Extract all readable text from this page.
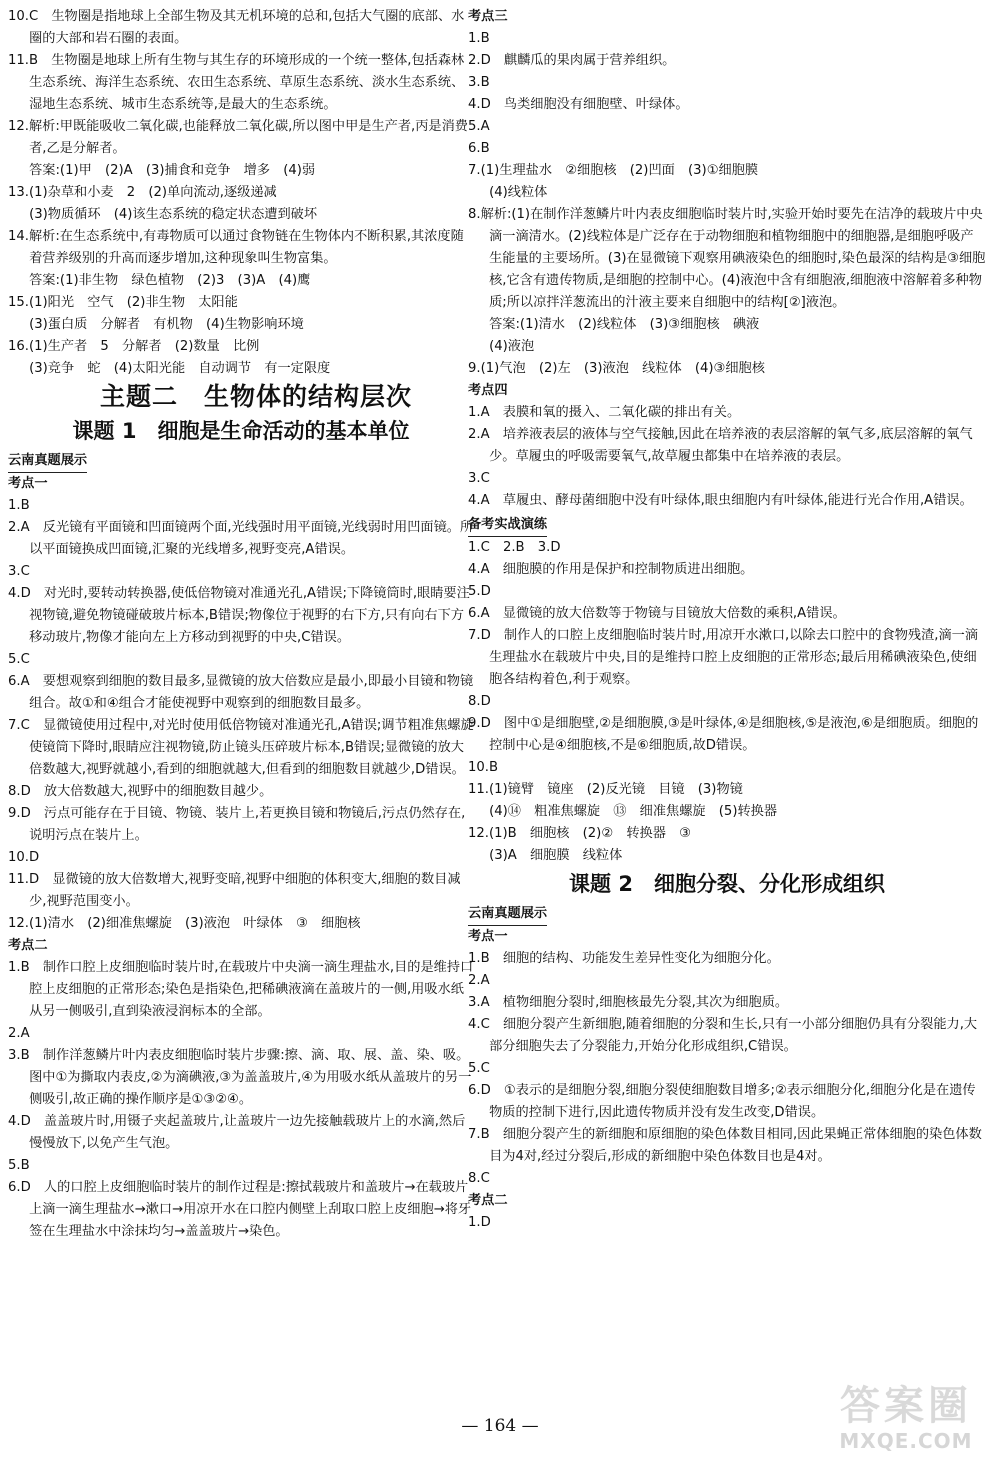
10.C　生物圈是指地球上全部生物及其无机环境的总和,包括大气圈的底部、水圈的大部和岩石圈的表面。

11.B　生物圈是地球上所有生物与其生存的环境形成的一个统一整体,包括森林生态系统、海洋生态系统、农田生态系统、草原生态系统、淡水生态系统、湿地生态系统、城市生态系统等,是最大的生态系统。

12.解析:甲既能吸收二氧化碳,也能释放二氧化碳,所以图中甲是生产者,丙是消费者,乙是分解者。

答案:(1)甲　(2)A　(3)捕食和竞争　增多　(4)弱

13.(1)杂草和小麦　2　(2)单向流动,逐级递减

(3)物质循环　(4)该生态系统的稳定状态遭到破坏

14.解析:在生态系统中,有毒物质可以通过食物链在生物体内不断积累,其浓度随着营养级别的升高而逐步增加,这种现象叫生物富集。

答案:(1)非生物　绿色植物　(2)3　(3)A　(4)鹰

15.(1)阳光　空气　(2)非生物　太阳能

(3)蛋白质　分解者　有机物　(4)生物影响环境

16.(1)生产者　5　分解者　(2)数量　比例

(3)竞争　蛇　(4)太阳光能　自动调节　有一定限度

主题二　生物体的结构层次

课题 1　细胞是生命活动的基本单位

云南真题展示

考点一

1.B

2.A　反光镜有平面镜和凹面镜两个面,光线强时用平面镜,光线弱时用凹面镜。所以平面镜换成凹面镜,汇聚的光线增多,视野变亮,A错误。

3.C

4.D　对光时,要转动转换器,使低倍物镜对准通光孔,A错误;下降镜筒时,眼睛要注视物镜,避免物镜碰破玻片标本,B错误;物像位于视野的右下方,只有向右下方移动玻片,物像才能向左上方移动到视野的中央,C错误。

5.C

6.A　要想观察到细胞的数目最多,显微镜的放大倍数应是最小,即最小目镜和物镜组合。故①和④组合才能使视野中观察到的细胞数目最多。

7.C　显微镜使用过程中,对光时使用低倍物镜对准通光孔,A错误;调节粗准焦螺旋使镜筒下降时,眼睛应注视物镜,防止镜头压碎玻片标本,B错误;显微镜的放大倍数越大,视野就越小,看到的细胞就越大,但看到的细胞数目就越少,D错误。

8.D　放大倍数越大,视野中的细胞数目越少。

9.D　污点可能存在于目镜、物镜、装片上,若更换目镜和物镜后,污点仍然存在,说明污点在装片上。

10.D

11.D　显微镜的放大倍数增大,视野变暗,视野中细胞的体积变大,细胞的数目减少,视野范围变小。

12.(1)清水　(2)细准焦螺旋　(3)液泡　叶绿体　③　细胞核

考点二

1.B　制作口腔上皮细胞临时装片时,在载玻片中央滴一滴生理盐水,目的是维持口腔上皮细胞的正常形态;染色是指染色,把稀碘液滴在盖玻片的一侧,用吸水纸从另一侧吸引,直到染液浸润标本的全部。

2.A

3.B　制作洋葱鳞片叶内表皮细胞临时装片步骤:擦、滴、取、展、盖、染、吸。图中①为撕取内表皮,②为滴碘液,③为盖盖玻片,④为用吸水纸从盖玻片的另一侧吸引,故正确的操作顺序是①③②④。

4.D　盖盖玻片时,用镊子夹起盖玻片,让盖玻片一边先接触载玻片上的水滴,然后慢慢放下,以免产生气泡。

5.B

6.D　人的口腔上皮细胞临时装片的制作过程是:擦拭载玻片和盖玻片→在载玻片上滴一滴生理盐水→漱口→用凉开水在口腔内侧壁上刮取口腔上皮细胞→将牙签在生理盐水中涂抹均匀→盖盖玻片→染色。

考点三

1.B

2.D　麒麟瓜的果肉属于营养组织。

3.B

4.D　鸟类细胞没有细胞壁、叶绿体。

5.A

6.B

7.(1)生理盐水　②细胞核　(2)凹面　(3)①细胞膜

(4)线粒体

8.解析:(1)在制作洋葱鳞片叶内表皮细胞临时装片时,实验开始时要先在洁净的载玻片中央滴一滴清水。(2)线粒体是广泛存在于动物细胞和植物细胞中的细胞器,是细胞呼吸产生能量的主要场所。(3)在显微镜下观察用碘液染色的细胞时,染色最深的结构是③细胞核,它含有遗传物质,是细胞的控制中心。(4)液泡中含有细胞液,细胞液中溶解着多种物质;所以凉拌洋葱流出的汁液主要来自细胞中的结构[②]液泡。

答案:(1)清水　(2)线粒体　(3)③细胞核　碘液

(4)液泡

9.(1)气泡　(2)左　(3)液泡　线粒体　(4)③细胞核

考点四

1.A　表膜和氧的摄入、二氧化碳的排出有关。

2.A　培养液表层的液体与空气接触,因此在培养液的表层溶解的氧气多,底层溶解的氧气少。草履虫的呼吸需要氧气,故草履虫都集中在培养液的表层。

3.C

4.A　草履虫、酵母菌细胞中没有叶绿体,眼虫细胞内有叶绿体,能进行光合作用,A错误。

备考实战演练

1.C　2.B　3.D

4.A　细胞膜的作用是保护和控制物质进出细胞。

5.D

6.A　显微镜的放大倍数等于物镜与目镜放大倍数的乘积,A错误。

7.D　制作人的口腔上皮细胞临时装片时,用凉开水漱口,以除去口腔中的食物残渣,滴一滴生理盐水在载玻片中央,目的是维持口腔上皮细胞的正常形态;最后用稀碘液染色,使细胞各结构着色,利于观察。

8.D

9.D　图中①是细胞壁,②是细胞膜,③是叶绿体,④是细胞核,⑤是液泡,⑥是细胞质。细胞的控制中心是④细胞核,不是⑥细胞质,故D错误。

10.B

11.(1)镜臂　镜座　(2)反光镜　目镜　(3)物镜

(4)⑭　粗准焦螺旋　⑬　细准焦螺旋　(5)转换器

12.(1)B　细胞核　(2)②　转换器　③

(3)A　细胞膜　线粒体

课题 2　细胞分裂、分化形成组织

云南真题展示

考点一

1.B　细胞的结构、功能发生差异性变化为细胞分化。

2.A

3.A　植物细胞分裂时,细胞核最先分裂,其次为细胞质。

4.C　细胞分裂产生新细胞,随着细胞的分裂和生长,只有一小部分细胞仍具有分裂能力,大部分细胞失去了分裂能力,开始分化形成组织,C错误。

5.C

6.D　①表示的是细胞分裂,细胞分裂使细胞数目增多;②表示细胞分化,细胞分化是在遗传物质的控制下进行,因此遗传物质并没有发生改变,D错误。

7.B　细胞分裂产生的新细胞和原细胞的染色体数目相同,因此果蝇正常体细胞的染色体数目为4对,经过分裂后,形成的新细胞中染色体数目也是4对。

8.C

考点二

1.D

— 164 —	答案圈
MXQE.COM
